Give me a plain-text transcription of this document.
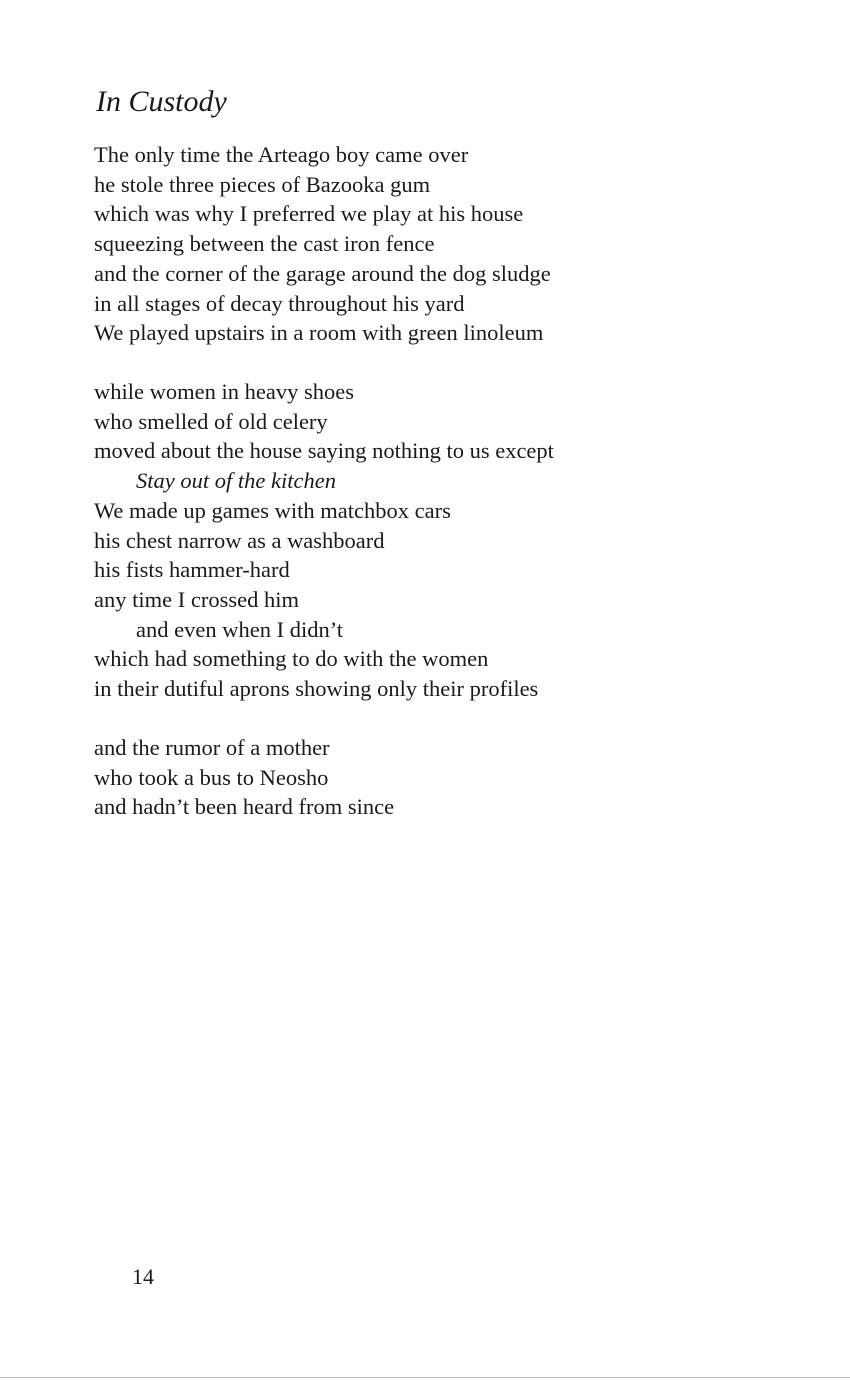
In Custody
The only time the Arteago boy came over
he stole three pieces of Bazooka gum
which was why I preferred we play at his house
squeezing between the cast iron fence
and the corner of the garage around the dog sludge
in all stages of decay throughout his yard
We played upstairs in a room with green linoleum
while women in heavy shoes
who smelled of old celery
moved about the house saying nothing to us except
Stay out of the kitchen
We made up games with matchbox cars
his chest narrow as a washboard
his fists hammer-hard
any time I crossed him
and even when I didn’t
which had something to do with the women
in their dutiful aprons showing only their profiles
and the rumor of a mother
who took a bus to Neosho
and hadn’t been heard from since
14
